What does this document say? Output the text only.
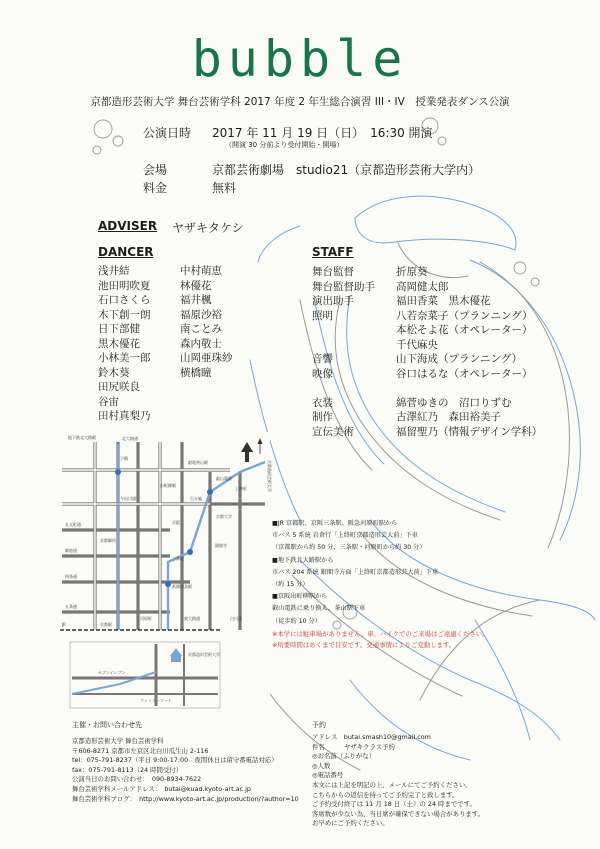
bubble
京都造形芸術大学 舞台芸術学科 2017 年度 2 年生総合演習 III・IV　授業発表ダンス公演
公演日時 2017 年 11 月 19 日（日）　16:30 開演
（開演 30 分前より受付開始・開場）
会場	京都芸術劇場　studio21（京都造形芸術大学内）
料金	無料
ADVISER ヤザキタケシ
DANCER
浅井結
池田明吹夏
石口さくら
木下創一朗
日下部健
黒木優花
小林美一郎
鈴木葵
田尻咲良
谷宙
田村真梨乃
中村萌恵
林優花
福井楓
福原沙裕
南ことみ
森内敬士
山岡亜珠紗
横橋瞳
STAFF
舞台監督	折原葵
舞台監督助手 高岡健太郎
演出助手	福田香菜　黒木優花
照明	八若奈菜子（プランニング）
本松そよ花（オペレーター）
千代麻央
音響	山下海成（プランニング）
映像	谷口はるな（オペレーター）
衣装	綿菅ゆきの　沼口りずむ
制作	古澤紅乃　森田裕美子
宣伝美術	福留聖乃（情報デザイン学科）
地下鉄北大路駅	北大路通
叡電茶山駅
出町柳駅
今出川通	百万遍
丸太町通
京都御所
銀閣寺
御池通
三条駅
四条通
祇園四条駅
五条通
京都駅
JR
河原町	東大路通	白川通
京阪
叡山電鉄
京都大学
下鴨
上終町	京都造形芸術大学
京都造形芸術大学
セブンイレブン
ファミリーマート
■JR 京都駅、京阪三条駅、阪急河原町駅から
市バス 5 系統 岩倉行「上終町京都造形芸大前」下車
（京都駅から約 50 分、三条駅・河原町から約 30 分）
■地下鉄北大路駅から
市バス 204 系統 銀閣寺方面「上終町京都造形芸大前」下車
（約 15 分）
■京阪出町柳駅から
叡山電鉄に乗り換え、茶山駅下車
（徒歩約 10 分）
※本学には駐車場がありません。車、バイクでのご来場はご遠慮ください。
※所要時間はあくまで目安です。交通事情によりご変動します。
主催・お問い合わせ先
京都造形芸術大学 舞台芸術学科
〒606-8271 京都市左京区北白川瓜生山 2-116
tel：075-791-8237（平日 9:00-17:00　夜間休日は留守番電話対応）
fax：075-791-8113（24 時間受付）
公演当日のお問い合わせ：　090-8934-7622
舞台芸術学科メールアドレス：　butai@kuad.kyoto-art.ac.jp
舞台芸術学科ブログ：　http://www.kyoto-art.ac.jp/production/?author=10
予約
アドレス　butai.smash10@gmail.com
件名　　　ヤザキクラス予約
◎お名前（ふりがな）
◎人数
◎電話番号
本文には上記を明記の上、メールにてご予約ください。
こちらからの返信を持ってご予約完了と致します。
ご予約受付終了は 11 月 18 日（土）の 24 時までです。
客席数が少ない為、当日席が確保できない場合があります。
お早めにご予約ください。
